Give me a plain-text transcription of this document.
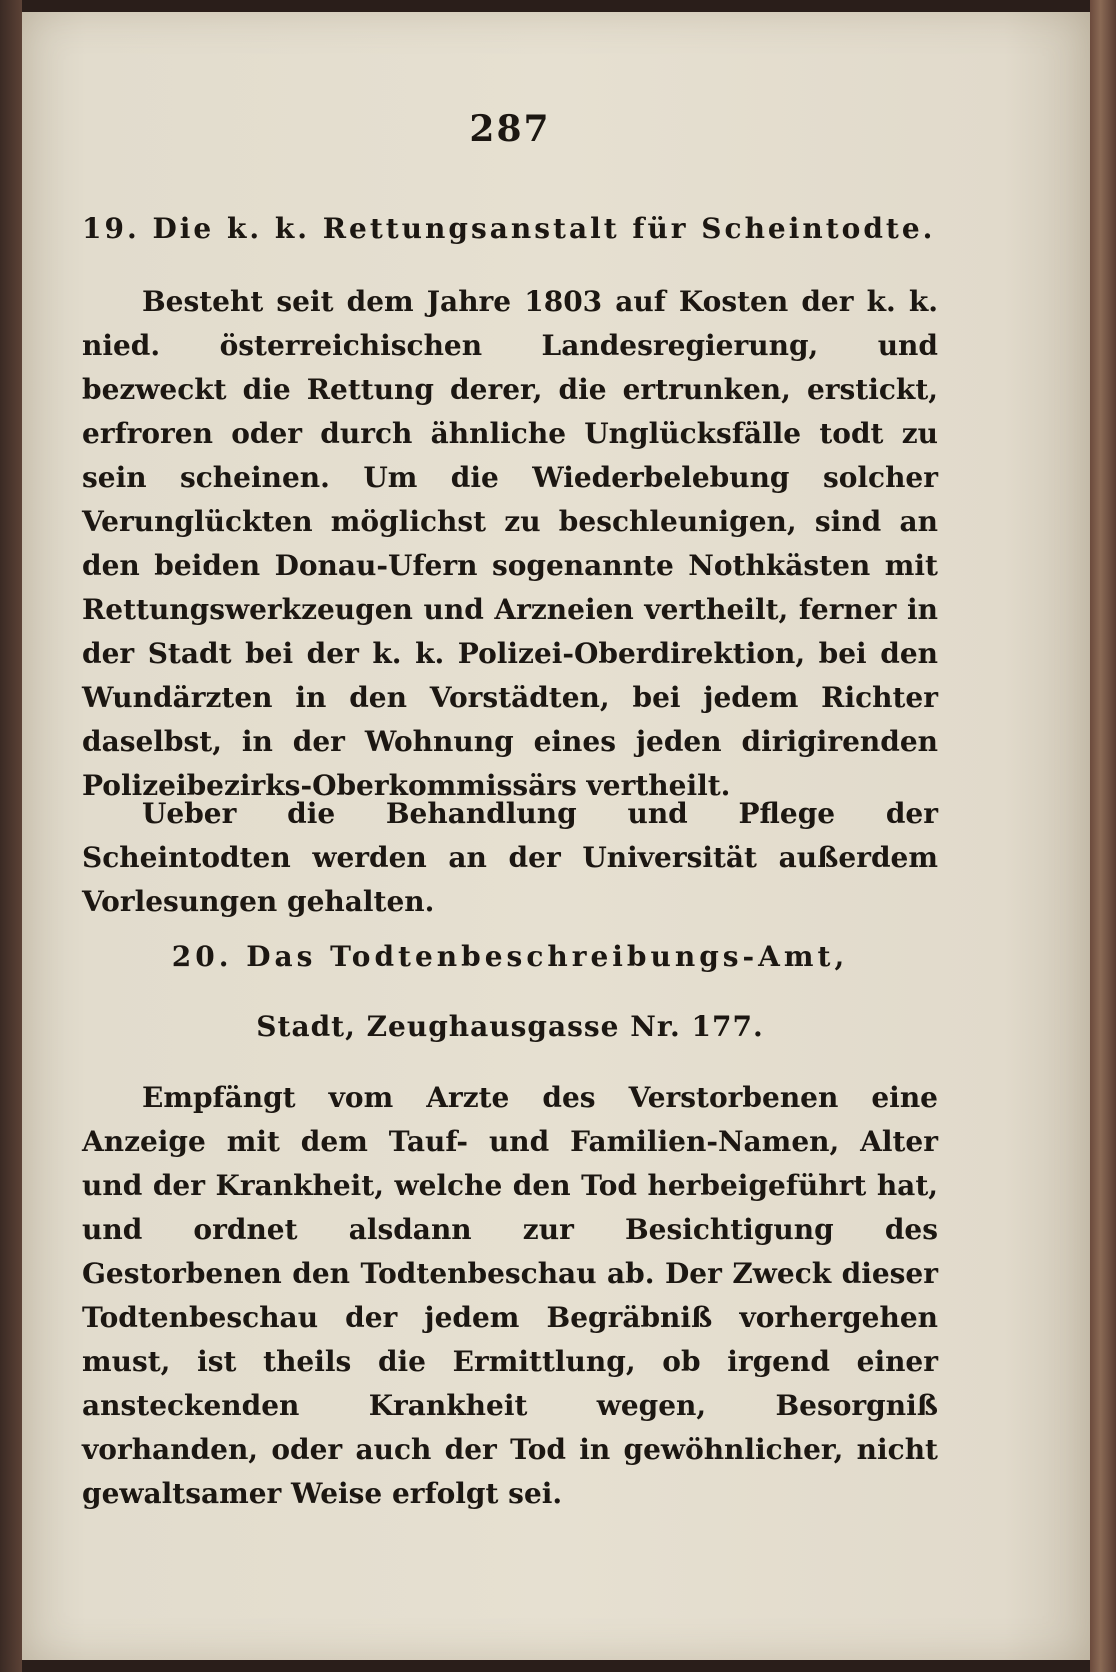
287
19. Die k. k. Rettungsanstalt für Scheintodte.
Besteht seit dem Jahre 1803 auf Kosten der k. k. nied. österreichischen Landesregierung, und bezweckt die Rettung derer, die ertrunken, erstickt, erfroren oder durch ähnliche Unglücksfälle todt zu sein scheinen. Um die Wiederbelebung solcher Verunglückten möglichst zu beschleunigen, sind an den beiden Donau-Ufern sogenannte Nothkästen mit Rettungswerkzeugen und Arzneien vertheilt, ferner in der Stadt bei der k. k. Polizei-Oberdirektion, bei den Wundärzten in den Vorstädten, bei jedem Richter daselbst, in der Wohnung eines jeden dirigirenden Polizeibezirks-Oberkommissärs vertheilt.
Ueber die Behandlung und Pflege der Scheintodten werden an der Universität außerdem Vorlesungen gehalten.
20. Das Todtenbeschreibungs-Amt,
Stadt, Zeughausgasse Nr. 177.
Empfängt vom Arzte des Verstorbenen eine Anzeige mit dem Tauf- und Familien-Namen, Alter und der Krankheit, welche den Tod herbeigeführt hat, und ordnet alsdann zur Besichtigung des Gestorbenen den Todtenbeschau ab. Der Zweck dieser Todtenbeschau der jedem Begräbniß vorhergehen must, ist theils die Ermittlung, ob irgend einer ansteckenden Krankheit wegen, Besorgniß vorhanden, oder auch der Tod in gewöhnlicher, nicht gewaltsamer Weise erfolgt sei.
